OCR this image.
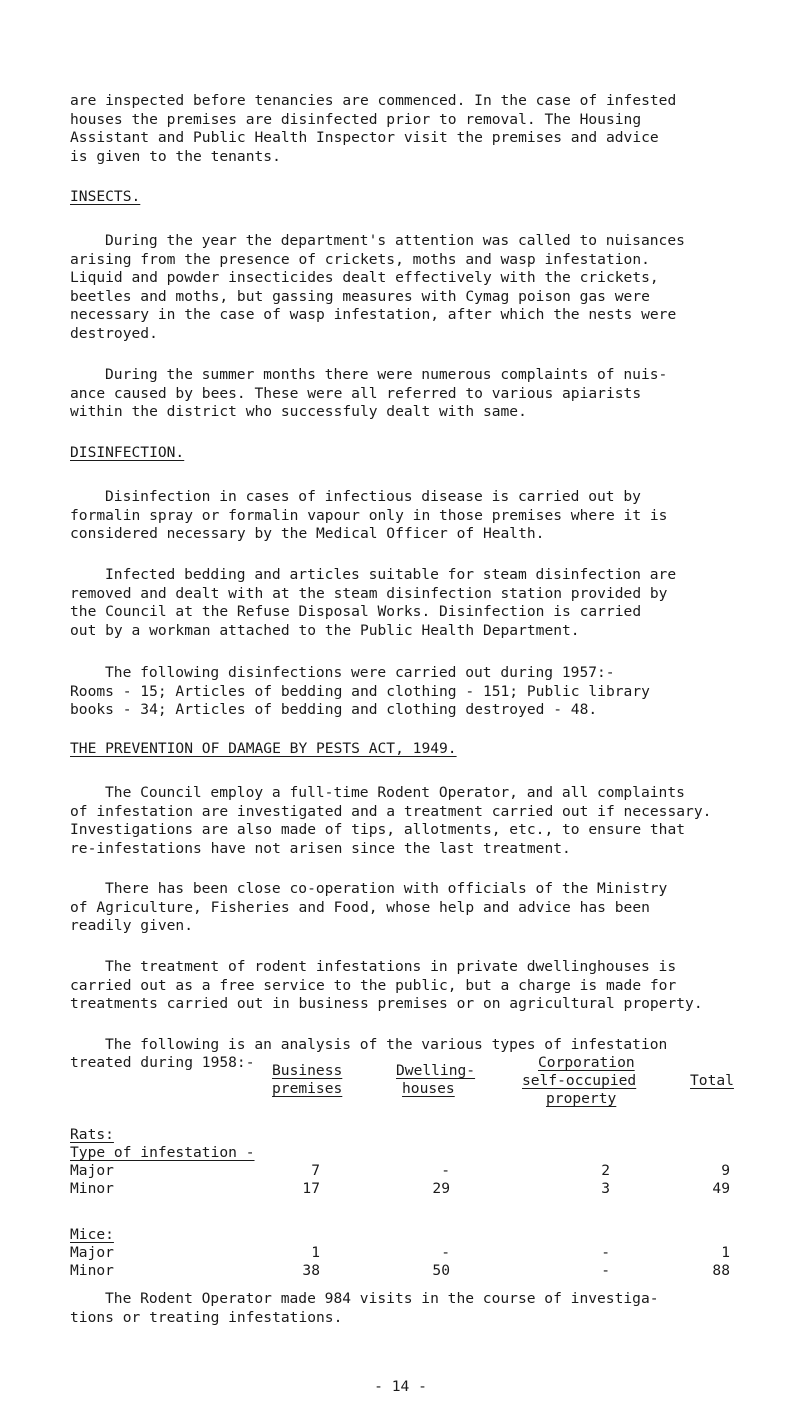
are inspected before tenancies are commenced. In the case of infested
houses the premises are disinfected prior to removal. The Housing
Assistant and Public Health Inspector visit the premises and advice
is given to the tenants.
INSECTS.
During the year the department's attention was called to nuisances
arising from the presence of crickets, moths and wasp infestation.
Liquid and powder insecticides dealt effectively with the crickets,
beetles and moths, but gassing measures with Cymag poison gas were
necessary in the case of wasp infestation, after which the nests were
destroyed.
During the summer months there were numerous complaints of nuis-
ance caused by bees. These were all referred to various apiarists
within the district who successfuly dealt with same.
DISINFECTION.
Disinfection in cases of infectious disease is carried out by
formalin spray or formalin vapour only in those premises where it is
considered necessary by the Medical Officer of Health.
Infected bedding and articles suitable for steam disinfection are
removed and dealt with at the steam disinfection station provided by
the Council at the Refuse Disposal Works. Disinfection is carried
out by a workman attached to the Public Health Department.
The following disinfections were carried out during 1957:-
Rooms - 15; Articles of bedding and clothing - 151; Public library
books - 34; Articles of bedding and clothing destroyed - 48.
THE PREVENTION OF DAMAGE BY PESTS ACT, 1949.
The Council employ a full-time Rodent Operator, and all complaints
of infestation are investigated and a treatment carried out if necessary.
Investigations are also made of tips, allotments, etc., to ensure that
re-infestations have not arisen since the last treatment.
There has been close co-operation with officials of the Ministry
of Agriculture, Fisheries and Food, whose help and advice has been
readily given.
The treatment of rodent infestations in private dwellinghouses is
carried out as a free service to the public, but a charge is made for
treatments carried out in business premises or on agricultural property.
The following is an analysis of the various types of infestation
treated during 1958:- Business
premises
Dwelling-
houses
Corporation
self-occupied
property
Total
Rats:
Type of infestation -
Major	7	-	2	9
Minor	17	29	3	49
Mice:
Major	1	-	-	1
Minor	38	50	-	88
The Rodent Operator made 984 visits in the course of investiga-
tions or treating infestations.
- 14 -
